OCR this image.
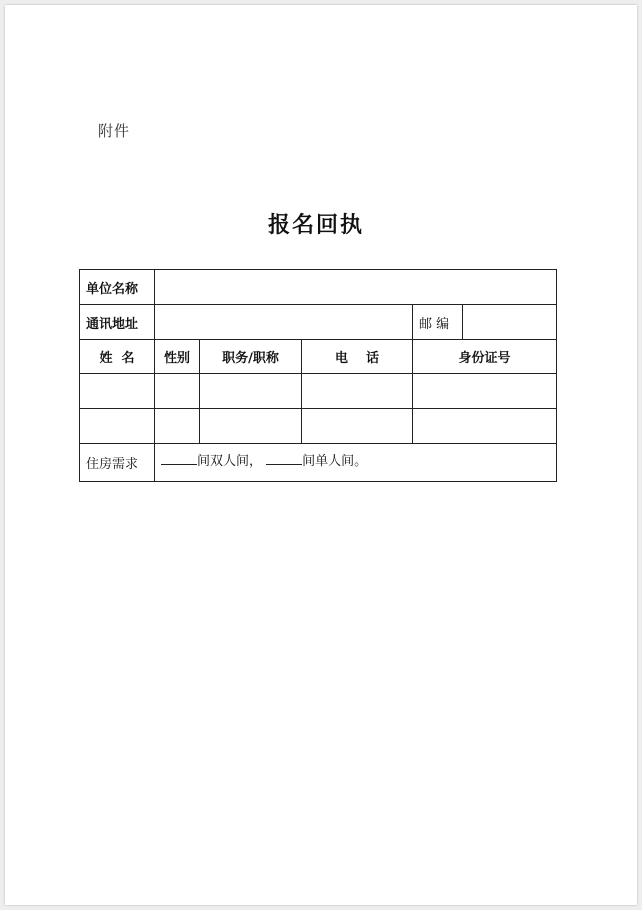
附件
报名回执
单位名称					
通讯地址				邮 编	
姓  名	性别	职务/职称	电    话	身份证号	

住房需求	间双人间， 间单人间。				
